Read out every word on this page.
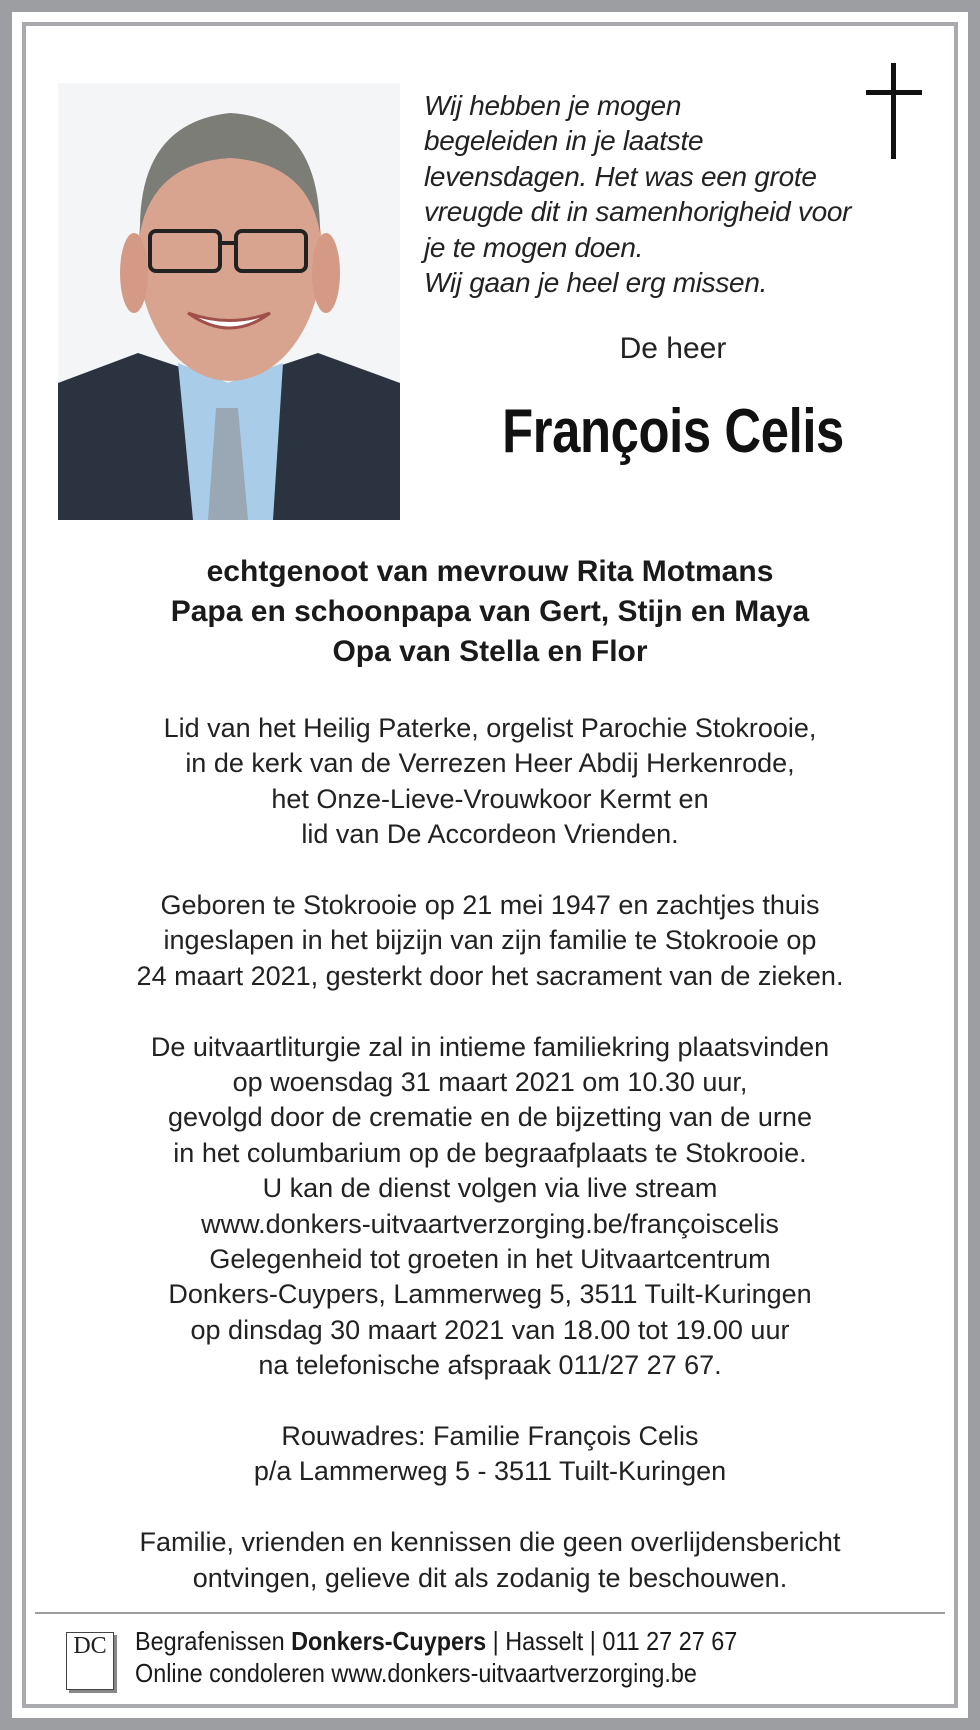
Wij hebben je mogen
begeleiden in je laatste
levensdagen. Het was een grote
vreugde dit in samenhorigheid voor
je te mogen doen.
Wij gaan je heel erg missen.
De heer
François Celis
echtgenoot van mevrouw Rita Motmans
Papa en schoonpapa van Gert, Stijn en Maya
Opa van Stella en Flor

Lid van het Heilig Paterke, orgelist Parochie Stokrooie,
in de kerk van de Verrezen Heer Abdij Herkenrode,
het Onze-Lieve-Vrouwkoor Kermt en
lid van De Accordeon Vrienden.

Geboren te Stokrooie op 21 mei 1947 en zachtjes thuis
ingeslapen in het bijzijn van zijn familie te Stokrooie op
24 maart 2021, gesterkt door het sacrament van de zieken.

De uitvaartliturgie zal in intieme familiekring plaatsvinden
op woensdag 31 maart 2021 om 10.30 uur,
gevolgd door de crematie en de bijzetting van de urne
in het columbarium op de begraafplaats te Stokrooie.
U kan de dienst volgen via live stream
www.donkers-uitvaartverzorging.be/françoiscelis
Gelegenheid tot groeten in het Uitvaartcentrum
Donkers-Cuypers, Lammerweg 5, 3511 Tuilt-Kuringen
op dinsdag 30 maart 2021 van 18.00 tot 19.00 uur
na telefonische afspraak 011/27 27 67.

Rouwadres: Familie François Celis
p/a Lammerweg 5 - 3511 Tuilt-Kuringen

Familie, vrienden en kennissen die geen overlijdensbericht
ontvingen, gelieve dit als zodanig te beschouwen.

DC Begrafenissen Donkers-Cuypers | Hasselt | 011 27 27 67
Online condoleren www.donkers-uitvaartverzorging.be
